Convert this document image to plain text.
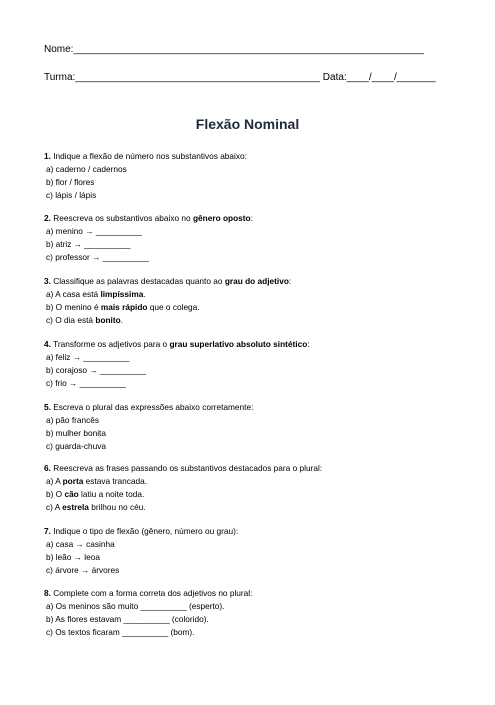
Nome:_______________________________________________________________
Turma:____________________________________________ Data:____/____/_______
Flexão Nominal
1. Indique a flexão de número nos substantivos abaixo:
a) caderno / cadernos
b) flor / flores
c) lápis / lápis
2. Reescreva os substantivos abaixo no gênero oposto:
a) menino → __________
b) atriz → __________
c) professor → __________
3. Classifique as palavras destacadas quanto ao grau do adjetivo:
a) A casa está limpíssima.
b) O menino é mais rápido que o colega.
c) O dia está bonito.
4. Transforme os adjetivos para o grau superlativo absoluto sintético:
a) feliz → __________
b) corajoso → __________
c) frio → __________
5. Escreva o plural das expressões abaixo corretamente:
a) pão francês
b) mulher bonita
c) guarda-chuva
6. Reescreva as frases passando os substantivos destacados para o plural:
a) A porta estava trancada.
b) O cão latiu a noite toda.
c) A estrela brilhou no céu.
7. Indique o tipo de flexão (gênero, número ou grau):
a) casa → casinha
b) leão → leoa
c) árvore → árvores
8. Complete com a forma correta dos adjetivos no plural:
a) Os meninos são muito __________ (esperto).
b) As flores estavam __________ (colorido).
c) Os textos ficaram __________ (bom).
